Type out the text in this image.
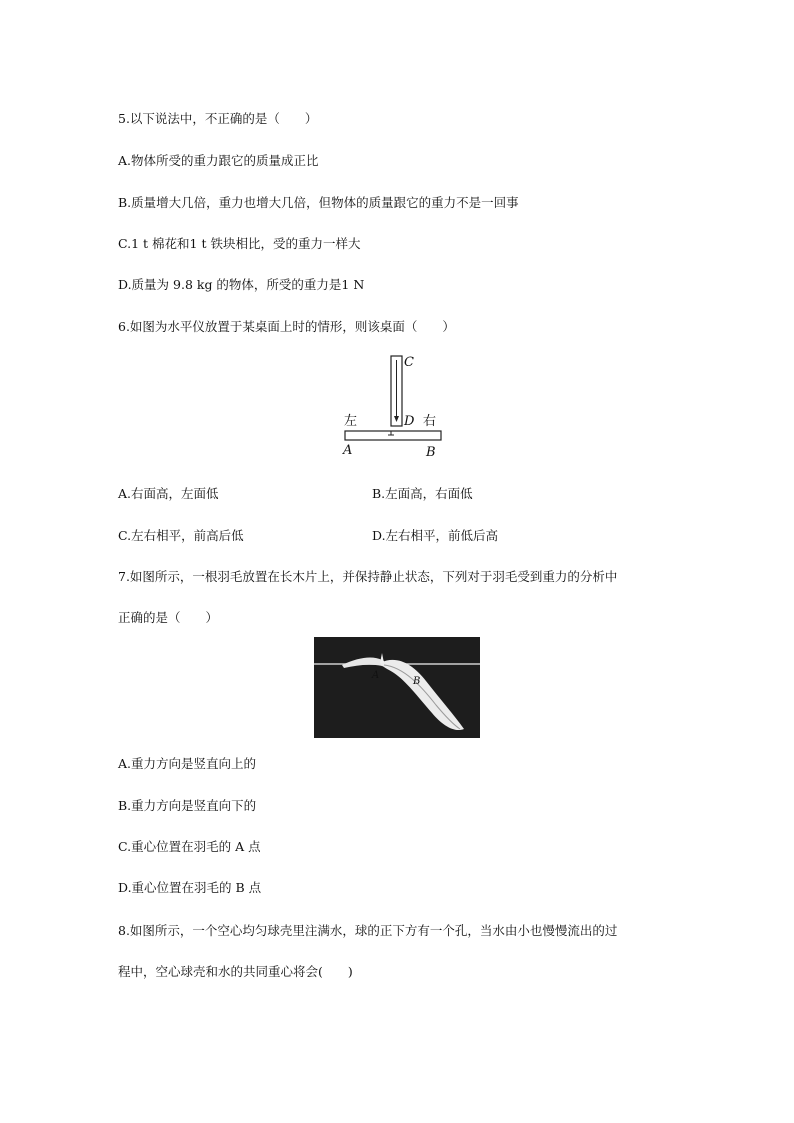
5.以下说法中，不正确的是（　　）
A.物体所受的重力跟它的质量成正比
B.质量增大几倍，重力也增大几倍，但物体的质量跟它的重力不是一回事
C.1 t 棉花和1 t 铁块相比，受的重力一样大
D.质量为 9.8 kg 的物体，所受的重力是1 N
6.如图为水平仪放置于某桌面上时的情形，则该桌面（　　）
C
D
左	右
A	B
A.右面高，左面低	B.左面高，右面低
C.左右相平，前高后低	D.左右相平，前低后高
7.如图所示，一根羽毛放置在长木片上，并保持静止状态，下列对于羽毛受到重力的分析中
正确的是（　　）
A
B
A.重力方向是竖直向上的
B.重力方向是竖直向下的
C.重心位置在羽毛的 A 点
D.重心位置在羽毛的 B 点
8.如图所示，一个空心均匀球壳里注满水，球的正下方有一个孔，当水由小也慢慢流出的过
程中，空心球壳和水的共同重心将会(　　)
